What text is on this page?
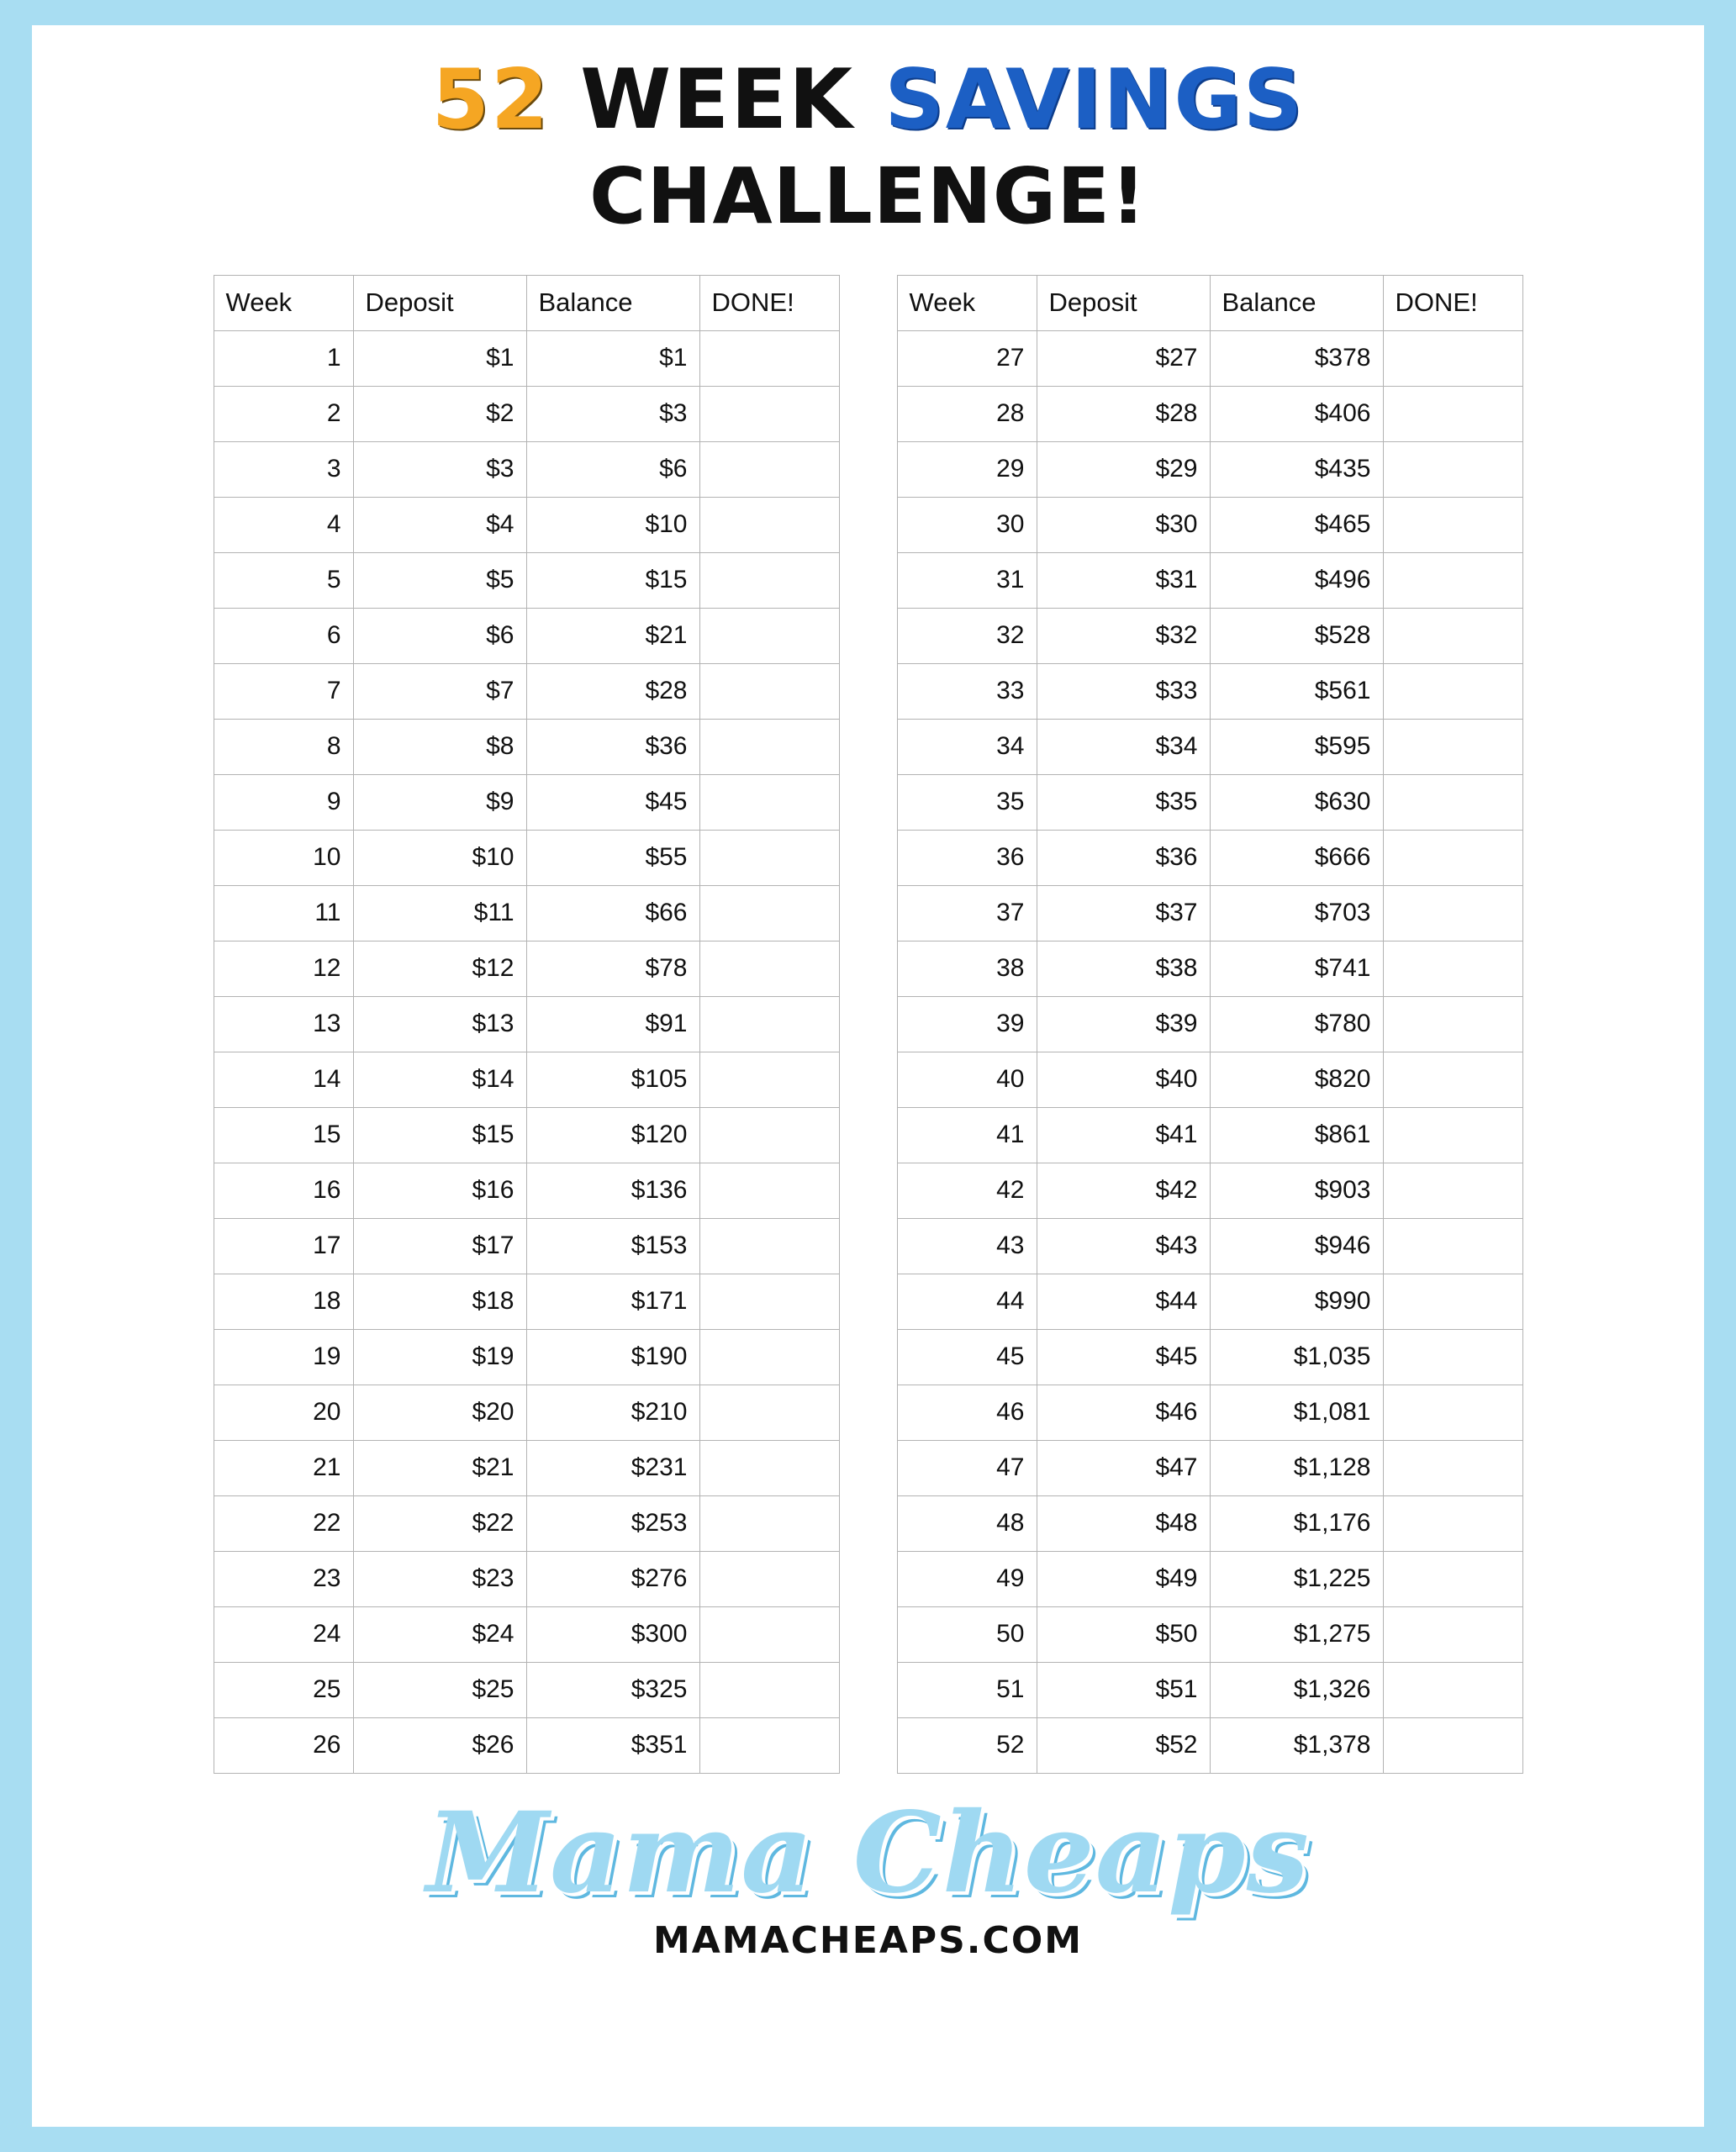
52 WEEK SAVINGS
CHALLENGE!
Week	Deposit	Balance	DONE!
1	$1	$1	
2	$2	$3	
3	$3	$6	
4	$4	$10	
5	$5	$15	
6	$6	$21	
7	$7	$28	
8	$8	$36	
9	$9	$45	
10	$10	$55	
11	$11	$66	
12	$12	$78	
13	$13	$91	
14	$14	$105	
15	$15	$120	
16	$16	$136	
17	$17	$153	
18	$18	$171	
19	$19	$190	
20	$20	$210	
21	$21	$231	
22	$22	$253	
23	$23	$276	
24	$24	$300	
25	$25	$325	
26	$26	$351	
Week	Deposit	Balance	DONE!
27	$27	$378	
28	$28	$406	
29	$29	$435	
30	$30	$465	
31	$31	$496	
32	$32	$528	
33	$33	$561	
34	$34	$595	
35	$35	$630	
36	$36	$666	
37	$37	$703	
38	$38	$741	
39	$39	$780	
40	$40	$820	
41	$41	$861	
42	$42	$903	
43	$43	$946	
44	$44	$990	
45	$45	$1,035	
46	$46	$1,081	
47	$47	$1,128	
48	$48	$1,176	
49	$49	$1,225	
50	$50	$1,275	
51	$51	$1,326	
52	$52	$1,378	
Mama Cheaps
MAMACHEAPS.COM
